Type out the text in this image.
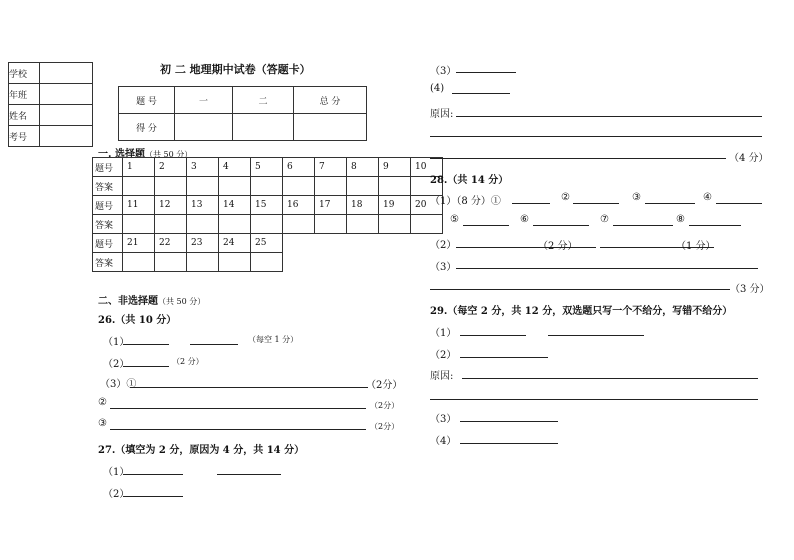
学校	
年班	
姓名	
考号	
初 二 地理期中试卷（答题卡）
题 号	一	二	总 分
得 分			
一. 选择题（共 50 分）
题号	1	2	3	4	5	6	7	8	9	10
答案										
题号	11	12	13	14	15	16	17	18	19	20
答案										
题号	21	22	23	24	25					
答案										
二、非选择题（共 50 分）
26.（共 10 分）
（1）	（每空 1 分）
（2）	（2 分）
（3）①	（2分）
②	（2分）
③	（2分）
27.（填空为 2 分，原因为 4 分，共 14 分）
（1）
（2）
（3）
(4)
原因:
（4 分）
28.（共 14 分）
（1）（8 分）①	②	③	④
⑤	⑥	⑦	⑧
（2）	（2 分）	（1 分）
（3）
（3 分）
29.（每空 2 分，共 12 分，双选题只写一个不给分，写错不给分）
（1）
（2）
原因:
（3）
（4）
